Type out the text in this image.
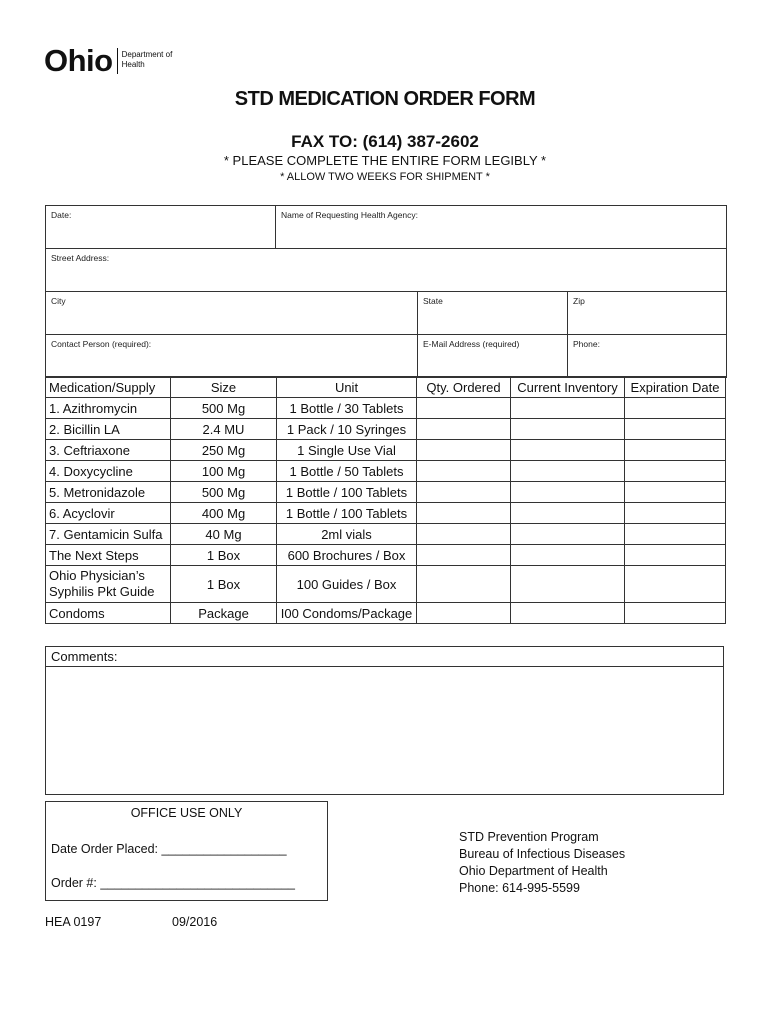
Ohio Department of
Health
STD MEDICATION ORDER FORM
FAX TO: (614) 387-2602
* PLEASE COMPLETE THE ENTIRE FORM LEGIBLY *
* ALLOW TWO WEEKS FOR SHIPMENT *
Date:	Name of Requesting Health Agency:
Street Address:
City	State	Zip
Contact Person (required):	E-Mail Address (required)	Phone:
Medication/Supply	Size	Unit	Qty. Ordered	Current Inventory	Expiration Date
1. Azithromycin	500 Mg	1 Bottle / 30 Tablets			
2. Bicillin LA	2.4 MU	1 Pack / 10 Syringes			
3. Ceftriaxone	250 Mg	1 Single Use Vial			
4. Doxycycline	100 Mg	1 Bottle / 50 Tablets			
5. Metronidazole	500 Mg	1 Bottle / 100 Tablets			
6. Acyclovir	400 Mg	1 Bottle / 100 Tablets			
7. Gentamicin Sulfa	40 Mg	2ml vials			
The Next Steps	1 Box	600 Brochures / Box			

Ohio Physician’s
Syphilis Pkt Guide	1 Box	100 Guides / Box			
Condoms	Package	I00 Condoms/Package			
Comments:
OFFICE USE ONLY
Date Order Placed: __________________
Order #: ____________________________
STD Prevention Program
Bureau of Infectious Diseases
Ohio Department of Health
Phone: 614-995-5599
HEA 0197	09/2016
